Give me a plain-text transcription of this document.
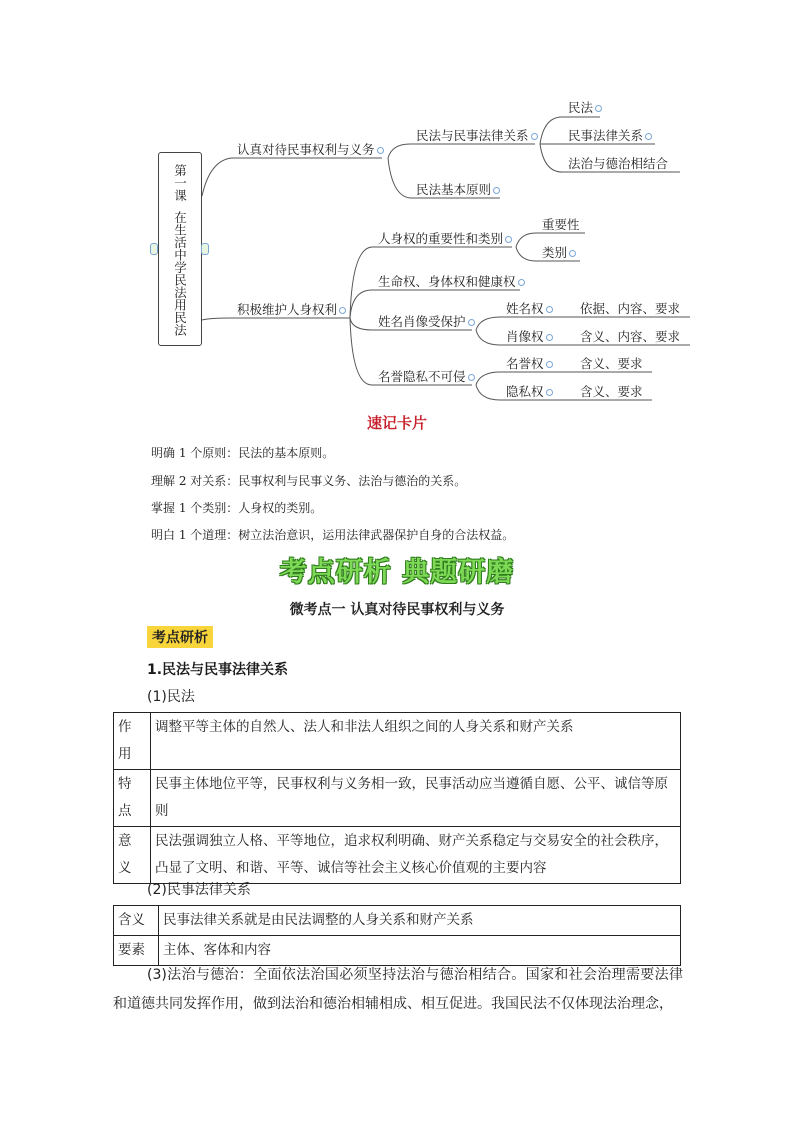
第一课
在生活中学民法用民法
认真对待民事权利与义务
民法与民事法律关系
民法
民事法律关系
法治与德治相结合
民法基本原则
积极维护人身权利
人身权的重要性和类别
重要性
类别
生命权、身体权和健康权
姓名肖像受保护
姓名权	依据、内容、要求
肖像权	含义、内容、要求
名誉隐私不可侵
名誉权	含义、要求
隐私权	含义、要求
速记卡片
明确 1 个原则：民法的基本原则。
理解 2 对关系：民事权利与民事义务、法治与德治的关系。
掌握 1 个类别：人身权的类别。
明白 1 个道理：树立法治意识，运用法律武器保护自身的合法权益。
考点研析 典题研磨
微考点一 认真对待民事权利与义务
考点研析
1.民法与民事法律关系
(1)民法
作
用	调整平等主体的自然人、法人和非法人组织之间的人身关系和财产关系
特
点	民事主体地位平等，民事权利与义务相一致，民事活动应当遵循自愿、公平、诚信等原则
意
义	民法强调独立人格、平等地位，追求权利明确、财产关系稳定与交易安全的社会秩序，凸显了文明、和谐、平等、诚信等社会主义核心价值观的主要内容
(2)民事法律关系
含义	民事法律关系就是由民法调整的人身关系和财产关系
要素	主体、客体和内容
(3)法治与德治：全面依法治国必须坚持法治与德治相结合。国家和社会治理需要法律和道德共同发挥作用，做到法治和德治相辅相成、相互促进。我国民法不仅体现法治理念，
